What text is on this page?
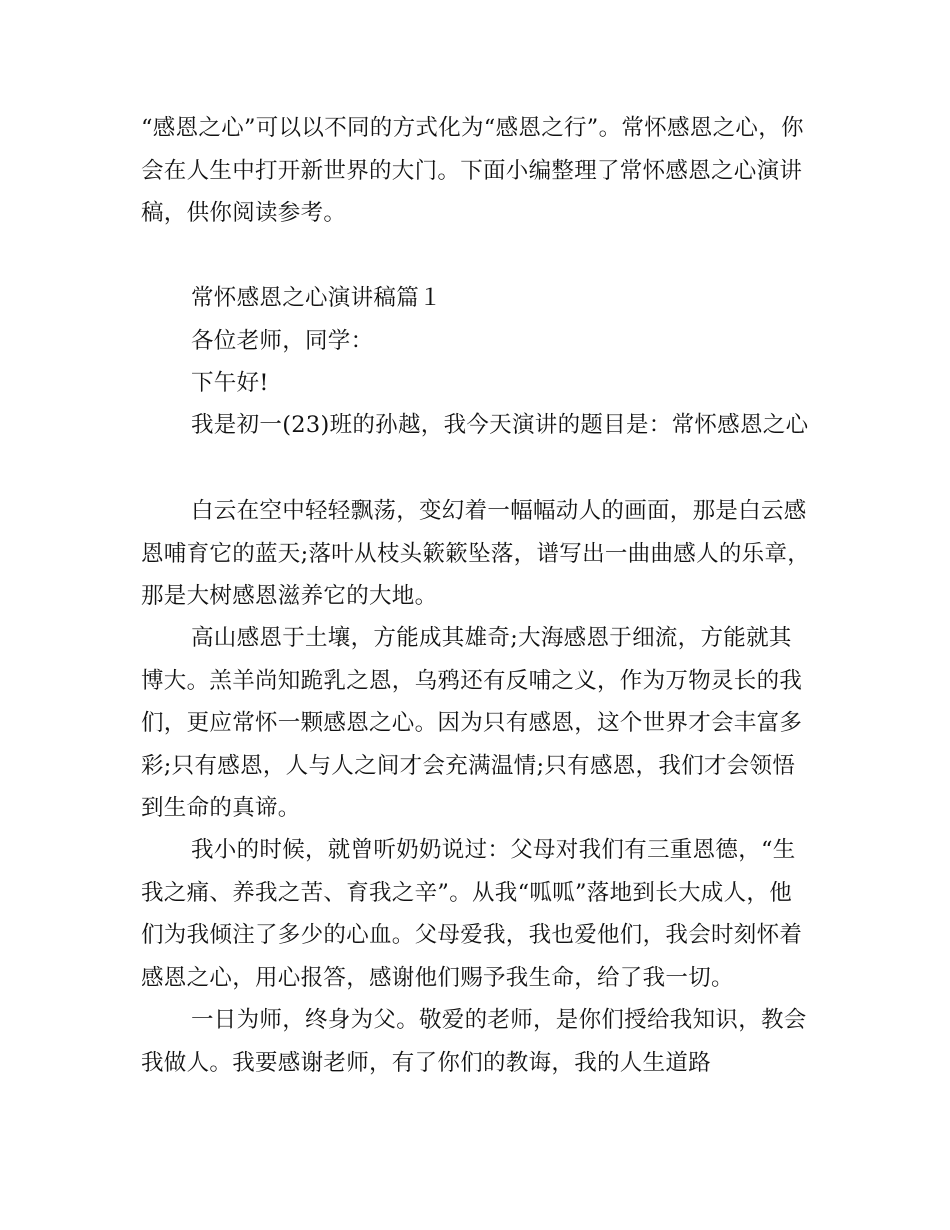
“感恩之心”可以以不同的方式化为“感恩之行”。常怀感恩之心，你会在人生中打开新世界的大门。下面小编整理了常怀感恩之心演讲稿，供你阅读参考。

常怀感恩之心演讲稿篇１

各位老师，同学：

下午好!

我是初一(23)班的孙越，我今天演讲的题目是：常怀感恩之心

白云在空中轻轻飘荡，变幻着一幅幅动人的画面，那是白云感恩哺育它的蓝天;落叶从枝头簌簌坠落，谱写出一曲曲感人的乐章，那是大树感恩滋养它的大地。

高山感恩于土壤，方能成其雄奇;大海感恩于细流，方能就其博大。羔羊尚知跪乳之恩，乌鸦还有反哺之义，作为万物灵长的我们，更应常怀一颗感恩之心。因为只有感恩，这个世界才会丰富多彩;只有感恩，人与人之间才会充满温情;只有感恩，我们才会领悟到生命的真谛。

我小的时候，就曾听奶奶说过：父母对我们有三重恩德，“生我之痛、养我之苦、育我之辛”。从我“呱呱”落地到长大成人，他们为我倾注了多少的心血。父母爱我，我也爱他们，我会时刻怀着感恩之心，用心报答，感谢他们赐予我生命，给了我一切。

一日为师，终身为父。敬爱的老师，是你们授给我知识，教会我做人。我要感谢老师，有了你们的教诲，我的人生道路
